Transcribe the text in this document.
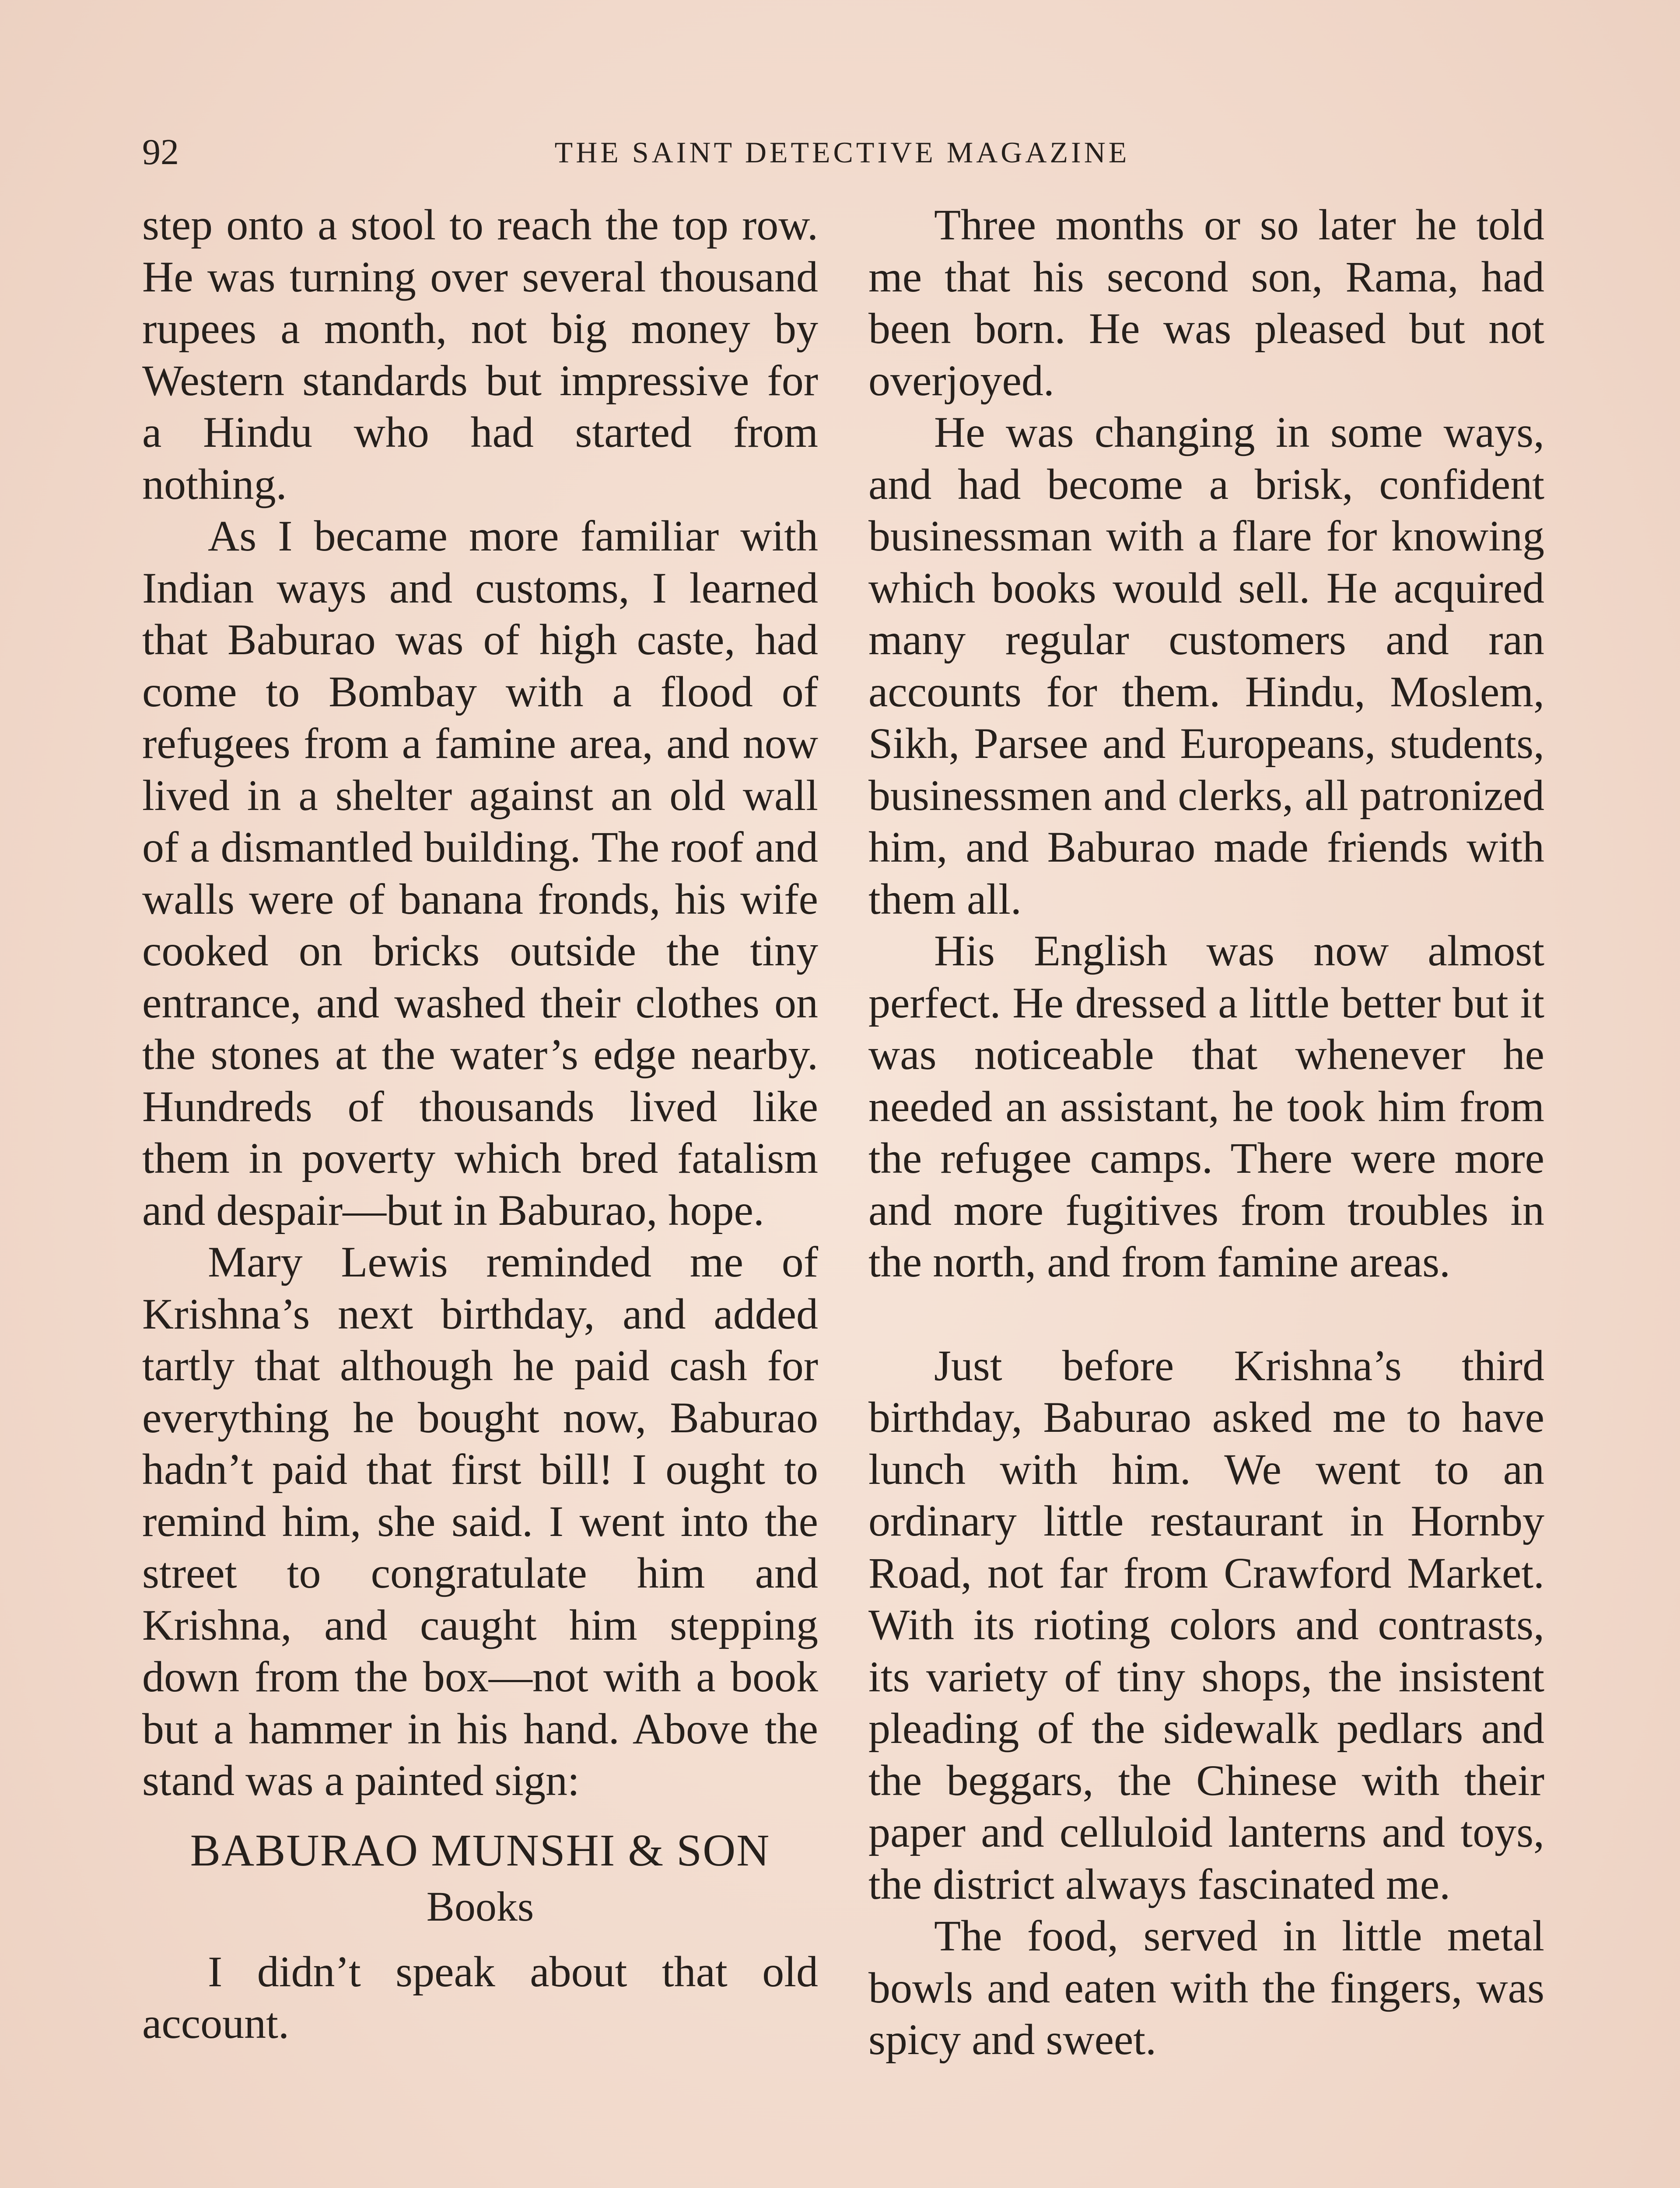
92	THE SAINT DETECTIVE MAGAZINE

step onto a stool to reach the top row. He was turning over several thousand rupees a month, not big money by Western standards but impressive for a Hindu who had started from nothing.

As I became more familiar with Indian ways and customs, I learned that Baburao was of high caste, had come to Bombay with a flood of refugees from a famine area, and now lived in a shelter against an old wall of a dismantled building. The roof and walls were of banana fronds, his wife cooked on bricks outside the tiny entrance, and washed their clothes on the stones at the water’s edge nearby. Hundreds of thousands lived like them in poverty which bred fatalism and despair—but in Baburao, hope.

Mary Lewis reminded me of Krishna’s next birthday, and added tartly that although he paid cash for everything he bought now, Baburao hadn’t paid that first bill! I ought to remind him, she said. I went into the street to congratulate him and Krishna, and caught him stepping down from the box—not with a book but a hammer in his hand. Above the stand was a painted sign:

BABURAO MUNSHI & SON
Books

I didn’t speak about that old account.

Three months or so later he told me that his second son, Rama, had been born. He was pleased but not overjoyed.

He was changing in some ways, and had become a brisk, confident businessman with a flare for knowing which books would sell. He acquired many regular customers and ran accounts for them. Hindu, Moslem, Sikh, Parsee and Europeans, students, businessmen and clerks, all patronized him, and Baburao made friends with them all.

His English was now almost perfect. He dressed a little better but it was noticeable that whenever he needed an assistant, he took him from the refugee camps. There were more and more fugitives from troubles in the north, and from famine areas.

Just before Krishna’s third birthday, Baburao asked me to have lunch with him. We went to an ordinary little restaurant in Hornby Road, not far from Crawford Market. With its rioting colors and contrasts, its variety of tiny shops, the insistent pleading of the sidewalk pedlars and the beggars, the Chinese with their paper and celluloid lanterns and toys, the district always fascinated me.

The food, served in little metal bowls and eaten with the fingers, was spicy and sweet.
